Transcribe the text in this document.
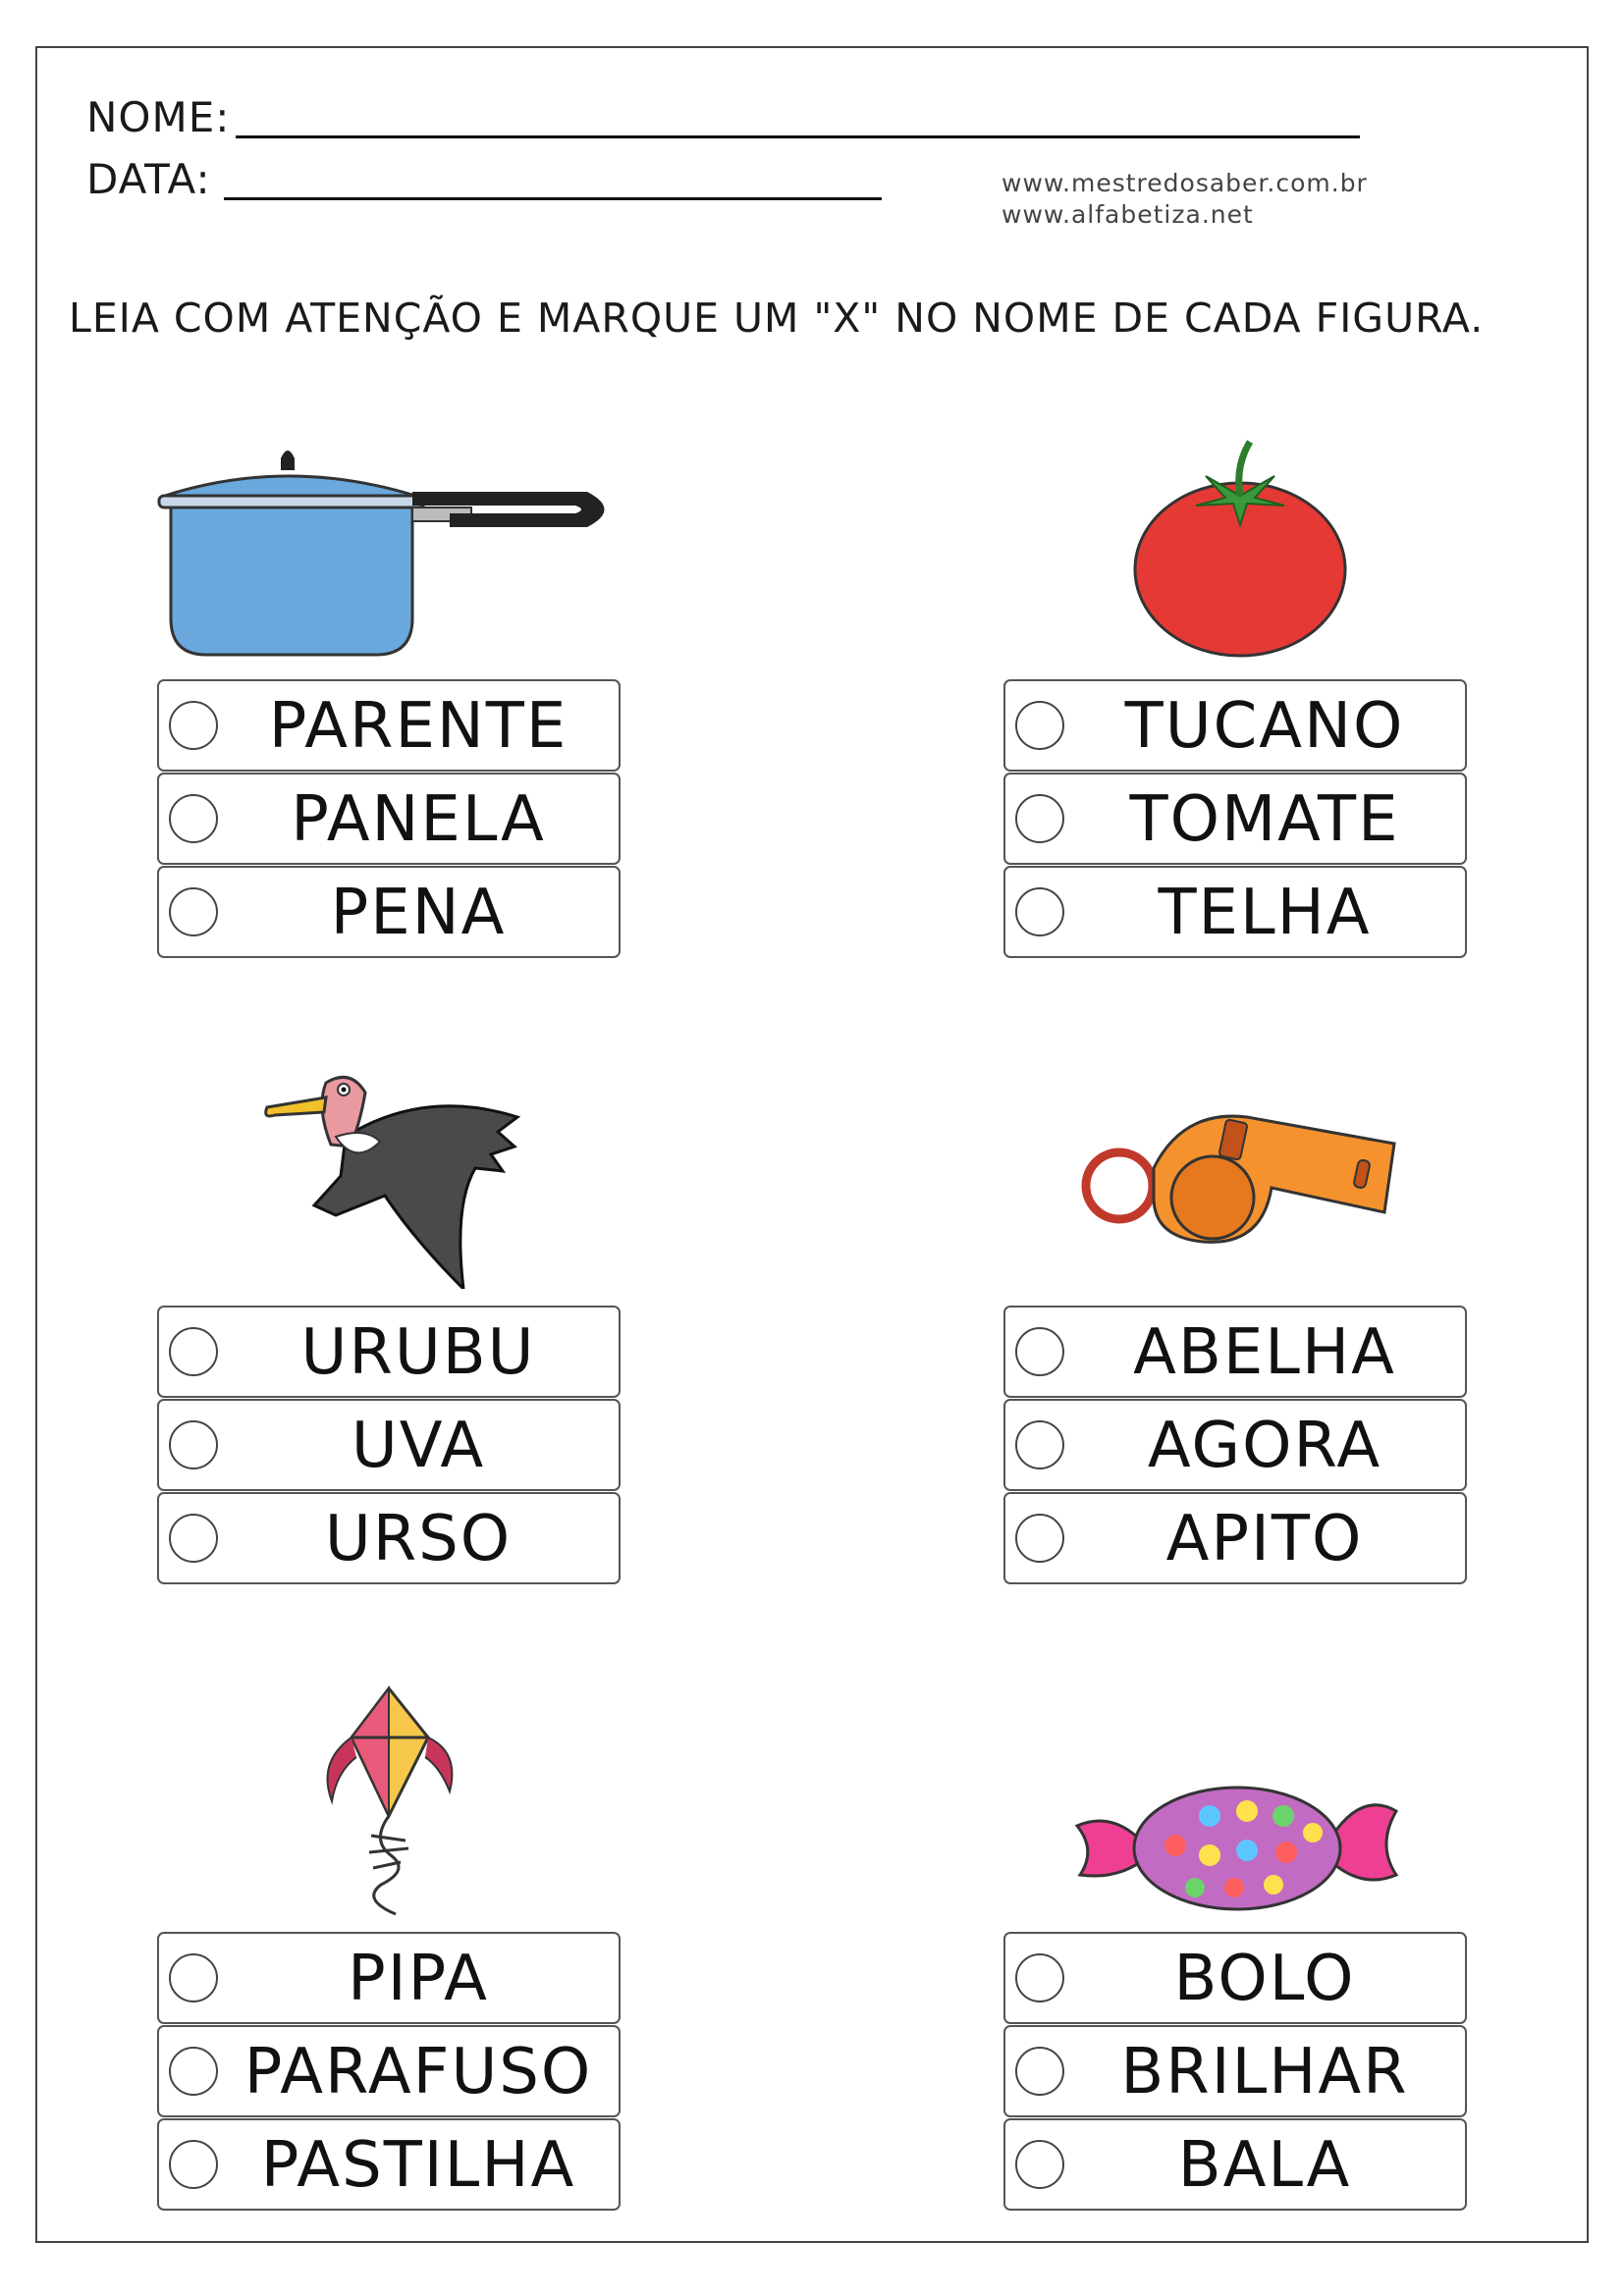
NOME:
DATA:	www.mestredosaber.com.br
www.alfabetiza.net
LEIA COM ATENÇÃO E MARQUE UM "X" NO NOME DE CADA FIGURA.
PARENTE
PANELA
PENA
TUCANO
TOMATE
TELHA
URUBU
UVA
URSO
ABELHA
AGORA
APITO
PIPA
PARAFUSO
PASTILHA
BOLO
BRILHAR
BALA
